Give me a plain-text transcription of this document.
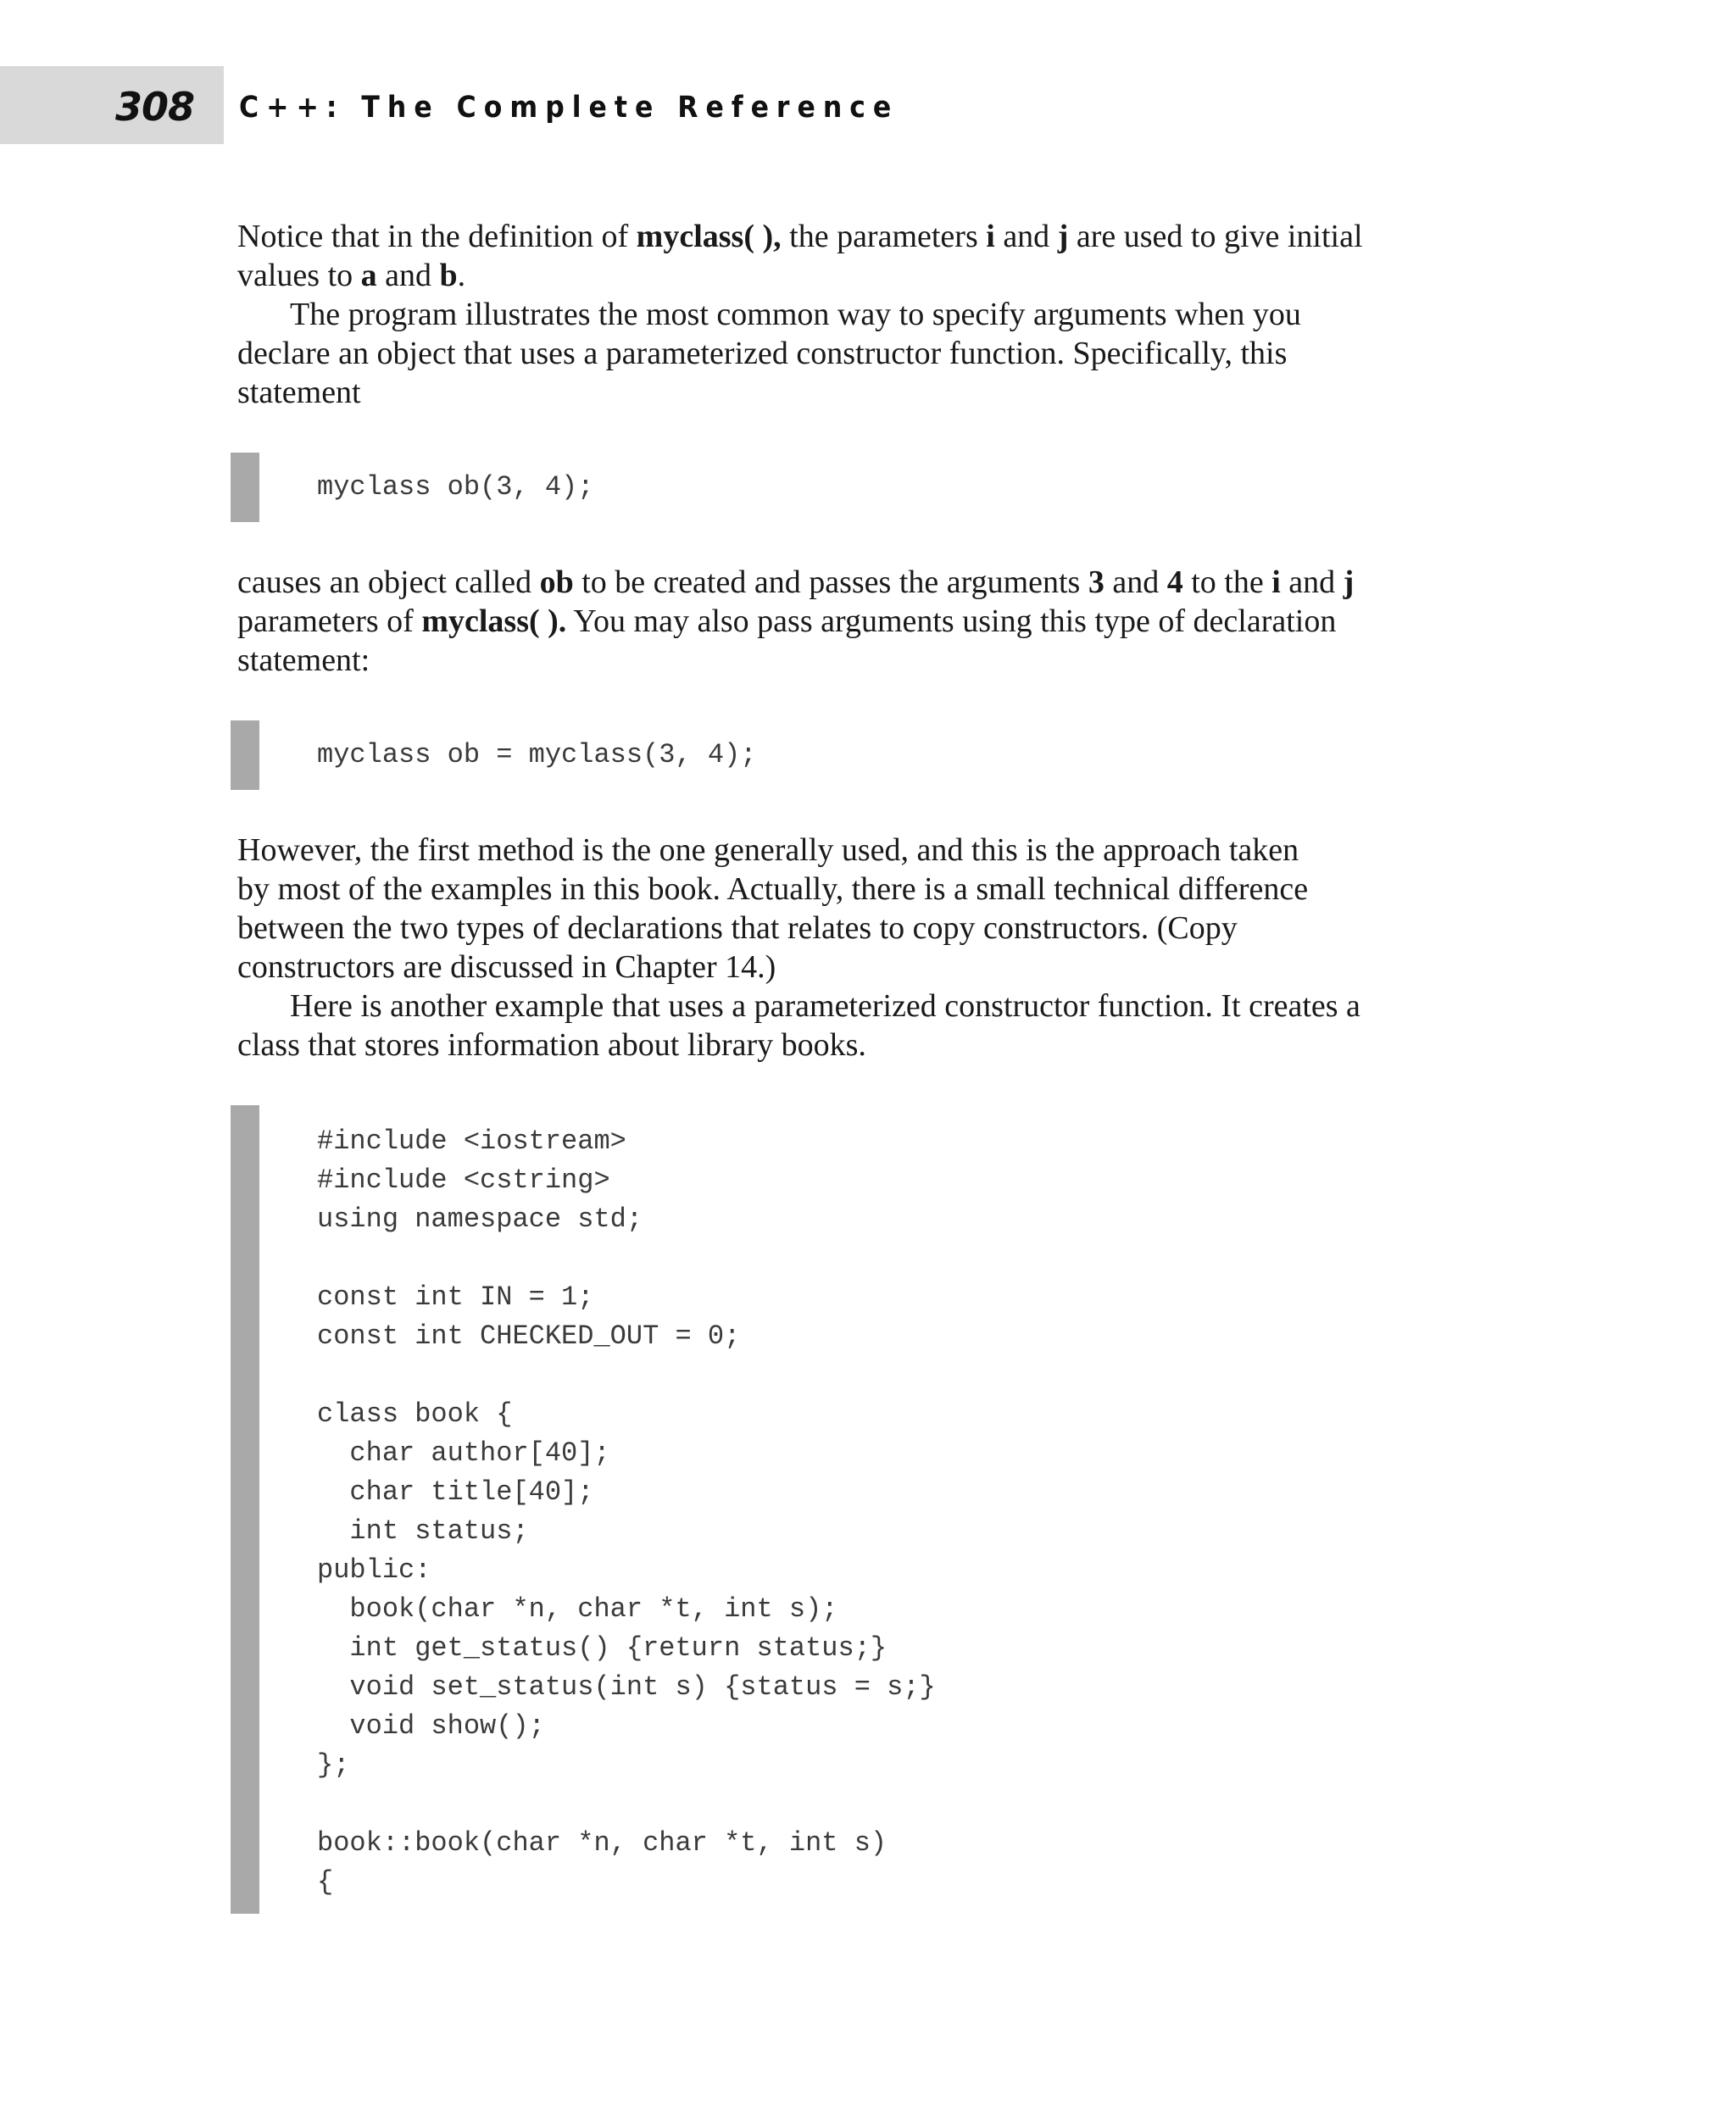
308 C++: The Complete Reference

Notice that in the definition of myclass( ), the parameters i and j are used to give initial
values to a and b.
The program illustrates the most common way to specify arguments when you
declare an object that uses a parameterized constructor function. Specifically, this
statement

myclass ob(3, 4);

causes an object called ob to be created and passes the arguments 3 and 4 to the i and j
parameters of myclass( ). You may also pass arguments using this type of declaration
statement:

myclass ob = myclass(3, 4);

However, the first method is the one generally used, and this is the approach taken
by most of the examples in this book. Actually, there is a small technical difference
between the two types of declarations that relates to copy constructors. (Copy
constructors are discussed in Chapter 14.)
Here is another example that uses a parameterized constructor function. It creates a
class that stores information about library books.

#include <iostream>
#include <cstring>
using namespace std;
const int IN = 1;
const int CHECKED_OUT = 0;
class book {
char author[40];
char title[40];
int status;
public:
book(char *n, char *t, int s);
int get_status() {return status;}
void set_status(int s) {status = s;}
void show();
};
book::book(char *n, char *t, int s)
{
